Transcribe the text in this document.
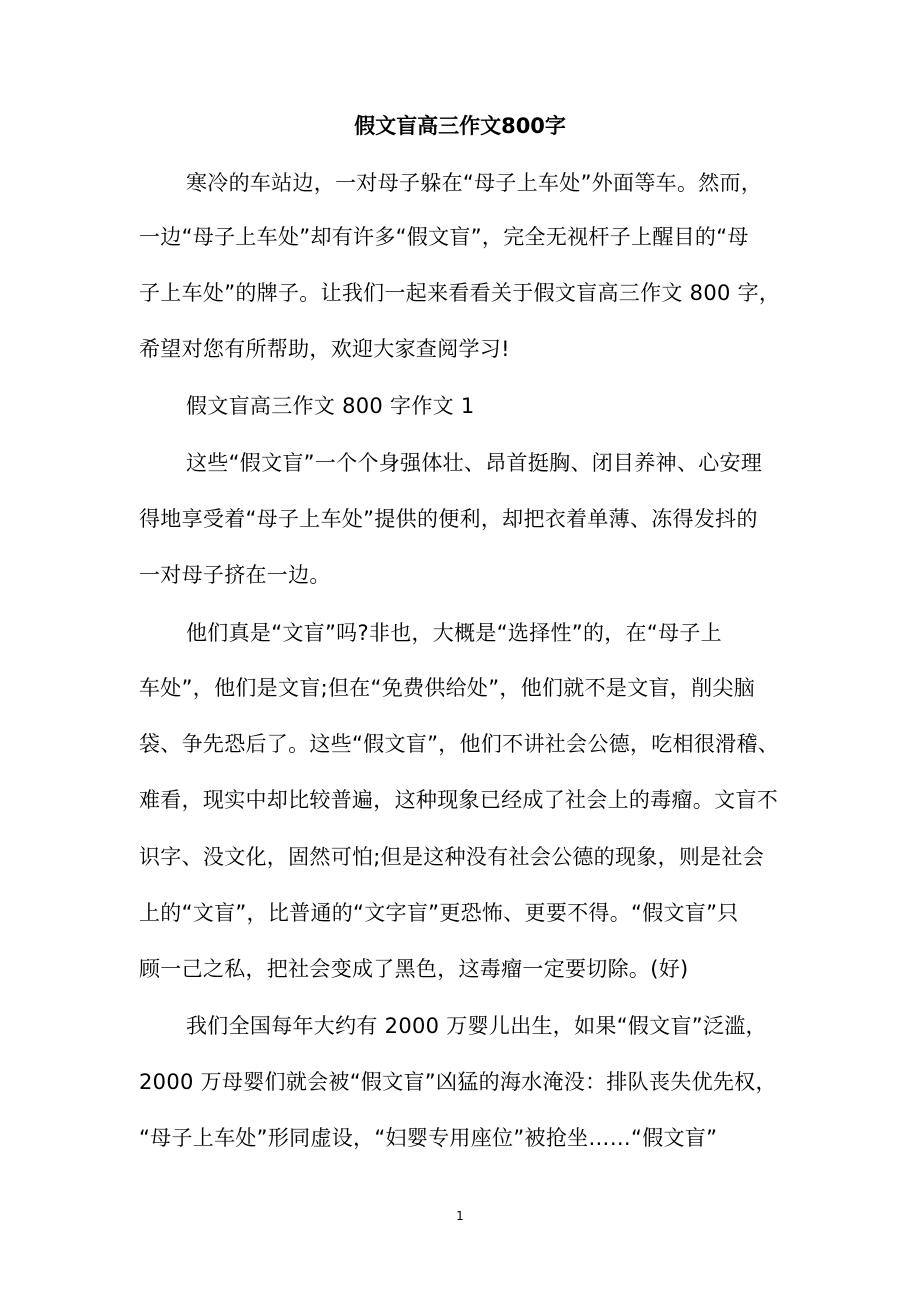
假文盲高三作文800字
寒冷的车站边，一对母子躲在“母子上车处”外面等车。然而，
一边“母子上车处”却有许多“假文盲”，完全无视杆子上醒目的“母
子上车处”的牌子。让我们一起来看看关于假文盲高三作文 800 字，
希望对您有所帮助，欢迎大家查阅学习!
假文盲高三作文 800 字作文 1
这些“假文盲”一个个身强体壮、昂首挺胸、闭目养神、心安理
得地享受着“母子上车处”提供的便利，却把衣着单薄、冻得发抖的
一对母子挤在一边。
他们真是“文盲”吗?非也，大概是“选择性”的，在“母子上
车处”，他们是文盲;但在“免费供给处”，他们就不是文盲，削尖脑
袋、争先恐后了。这些“假文盲”，他们不讲社会公德，吃相很滑稽、
难看，现实中却比较普遍，这种现象已经成了社会上的毒瘤。文盲不
识字、没文化，固然可怕;但是这种没有社会公德的现象，则是社会
上的“文盲”，比普通的“文字盲”更恐怖、更要不得。“假文盲”只
顾一己之私，把社会变成了黑色，这毒瘤一定要切除。(好)
我们全国每年大约有 2000 万婴儿出生，如果“假文盲”泛滥，
2000 万母婴们就会被“假文盲”凶猛的海水淹没：排队丧失优先权，
“母子上车处”形同虚设，“妇婴专用座位”被抢坐……“假文盲”
1
